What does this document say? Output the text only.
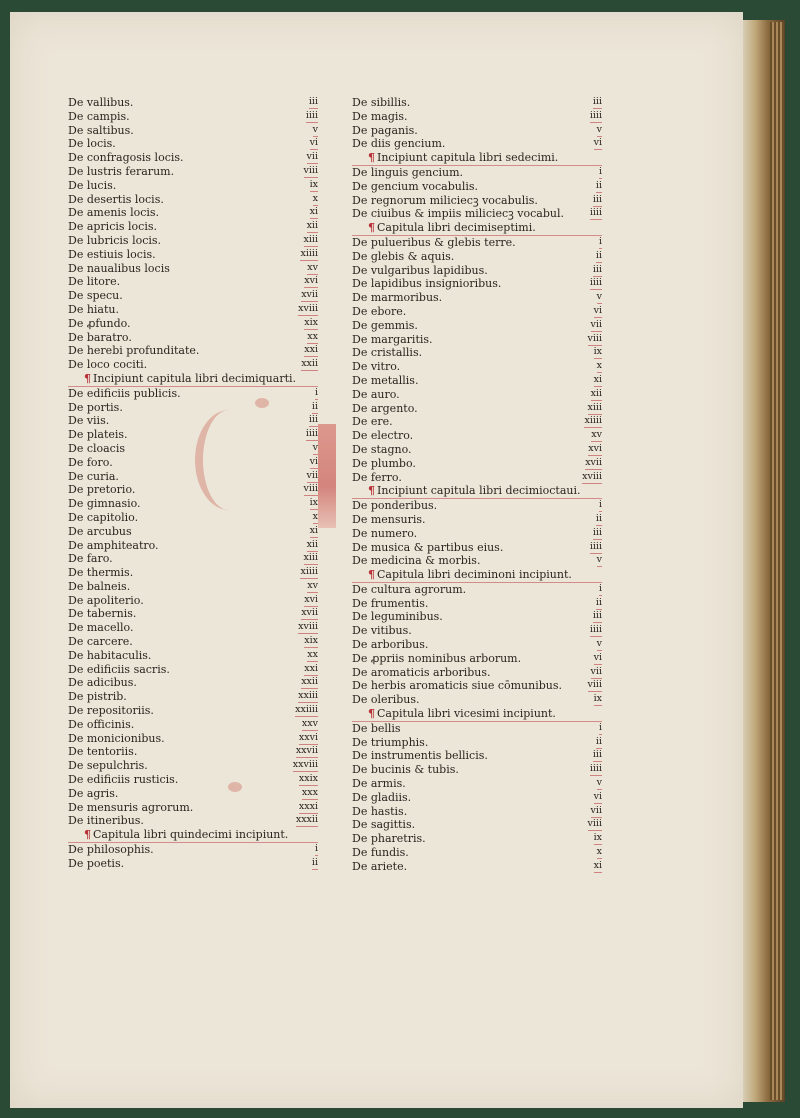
De vallibus.	iii
De campis.	iiii
De saltibus.	v
De locis.	vi
De confragosis locis.	vii
De lustris ferarum.	viii
De lucis.	ix
De desertis locis.	x
De amenis locis.	xi
De apricis locis.	xii
De lubricis locis.	xiii
De estiuis locis.	xiiii
De naualibus locis	xv
De litore.	xvi
De specu.	xvii
De hiatu.	xviii
De ꝓfundo.	xix
De baratro.	xx
De herebi profunditate.	xxi
De loco cociti.	xxii
¶ Incipiunt capitula libri decimiquarti.
De edificiis publicis.	i
De portis.	ii
De viis.	iii
De plateis.	iiii
De cloacis	v
De foro.	vi
De curia.	vii
De pretorio.	viii
De gimnasio.	ix
De capitolio.	x
De arcubus	xi
De amphiteatro.	xii
De faro.	xiii
De thermis.	xiiii
De balneis.	xv
De apoliterio.	xvi
De tabernis.	xvii
De macello.	xviii
De carcere.	xix
De habitaculis.	xx
De edificiis sacris.	xxi
De adicibus.	xxii
De pistrib.	xxiii
De repositoriis.	xxiiii
De officinis.	xxv
De monicionibus.	xxvi
De tentoriis.	xxvii
De sepulchris.	xxviii
De edificiis rusticis.	xxix
De agris.	xxx
De mensuris agrorum.	xxxi
De itineribus.	xxxii
¶ Capitula libri quindecimi incipiunt.
De philosophis.	i
De poetis.	ii
De sibillis.	iii
De magis.	iiii
De paganis.	v
De diis gencium.	vi
¶ Incipiunt capitula libri sedecimi.
De linguis gencium.	i
De gencium vocabulis.	ii
De regnorum miliciecꝫ vocabulis.	iii
De ciuibus & impiis miliciecꝫ vocabul.	iiii
¶ Capitula libri decimiseptimi.
De pulueribus & glebis terre.	i
De glebis & aquis.	ii
De vulgaribus lapidibus.	iii
De lapidibus insignioribus.	iiii
De marmoribus.	v
De ebore.	vi
De gemmis.	vii
De margaritis.	viii
De cristallis.	ix
De vitro.	x
De metallis.	xi
De auro.	xii
De argento.	xiii
De ere.	xiiii
De electro.	xv
De stagno.	xvi
De plumbo.	xvii
De ferro.	xviii
¶ Incipiunt capitula libri decimioctaui.
De ponderibus.	i
De mensuris.	ii
De numero.	iii
De musica & partibus eius.	iiii
De medicina & morbis.	v
¶ Capitula libri deciminoni incipiunt.
De cultura agrorum.	i
De frumentis.	ii
De leguminibus.	iii
De vitibus.	iiii
De arboribus.	v
De ꝓpriis nominibus arborum.	vi
De aromaticis arboribus.	vii
De herbis aromaticis siue cōmunibus.	viii
De oleribus.	ix
¶ Capitula libri vicesimi incipiunt.
De bellis	i
De triumphis.	ii
De instrumentis bellicis.	iii
De bucinis & tubis.	iiii
De armis.	v
De gladiis.	vi
De hastis.	vii
De sagittis.	viii
De pharetris.	ix
De fundis.	x
De ariete.	xi
